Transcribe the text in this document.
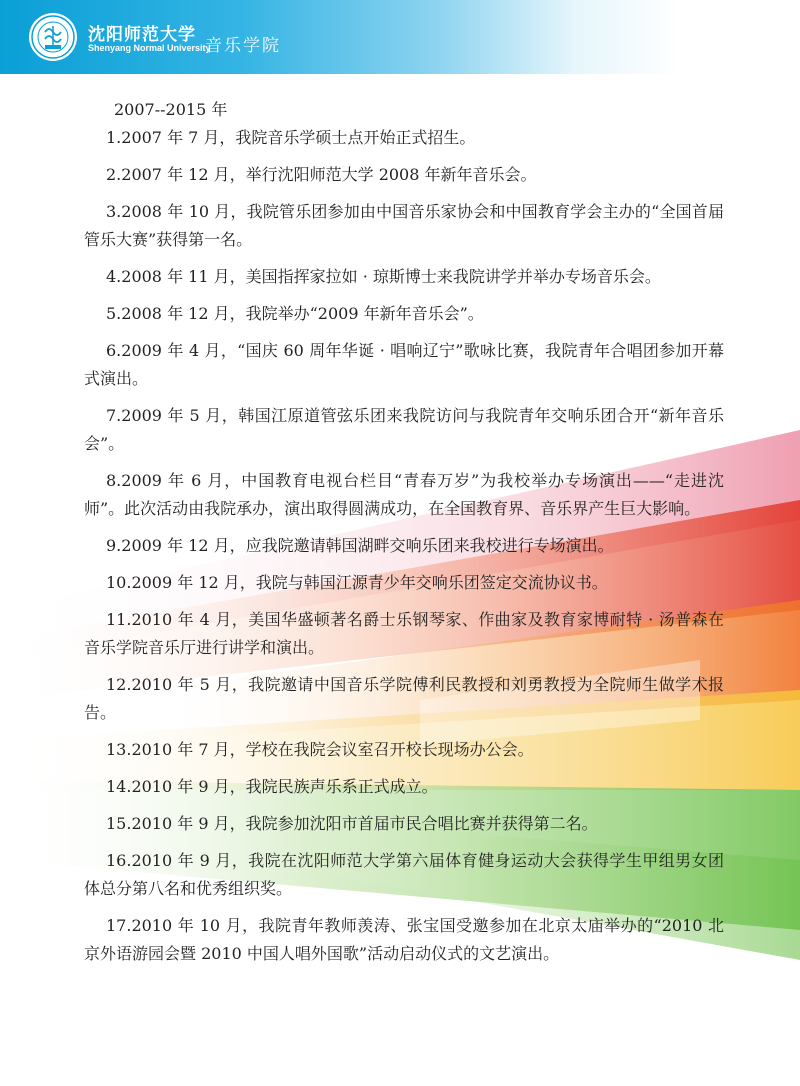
沈阳师范大学
Shenyang Normal University
音乐学院

2007--2015 年

1.2007 年 7 月，我院音乐学硕士点开始正式招生。

2.2007 年 12 月，举行沈阳师范大学 2008 年新年音乐会。

3.2008 年 10 月，我院管乐团参加由中国音乐家协会和中国教育学会主办的“全国首届管乐大赛”获得第一名。

4.2008 年 11 月，美国指挥家拉如 · 琼斯博士来我院讲学并举办专场音乐会。

5.2008 年 12 月，我院举办“2009 年新年音乐会”。

6.2009 年 4 月，“国庆 60 周年华诞 · 唱响辽宁”歌咏比赛，我院青年合唱团参加开幕式演出。

7.2009 年 5 月，韩国江原道管弦乐团来我院访问与我院青年交响乐团合开“新年音乐会”。

8.2009 年 6 月，中国教育电视台栏目“青春万岁”为我校举办专场演出——“走进沈师”。此次活动由我院承办，演出取得圆满成功，在全国教育界、音乐界产生巨大影响。

9.2009 年 12 月，应我院邀请韩国湖畔交响乐团来我校进行专场演出。

10.2009 年 12 月，我院与韩国江源青少年交响乐团签定交流协议书。

11.2010 年 4 月，美国华盛顿著名爵士乐钢琴家、作曲家及教育家博耐特 · 汤普森在音乐学院音乐厅进行讲学和演出。

12.2010 年 5 月，我院邀请中国音乐学院傅利民教授和刘勇教授为全院师生做学术报告。

13.2010 年 7 月，学校在我院会议室召开校长现场办公会。

14.2010 年 9 月，我院民族声乐系正式成立。

15.2010 年 9 月，我院参加沈阳市首届市民合唱比赛并获得第二名。

16.2010 年 9 月，我院在沈阳师范大学第六届体育健身运动大会获得学生甲组男女团体总分第八名和优秀组织奖。

17.2010 年 10 月，我院青年教师羡涛、张宝国受邀参加在北京太庙举办的“2010 北京外语游园会暨 2010 中国人唱外国歌”活动启动仪式的文艺演出。
